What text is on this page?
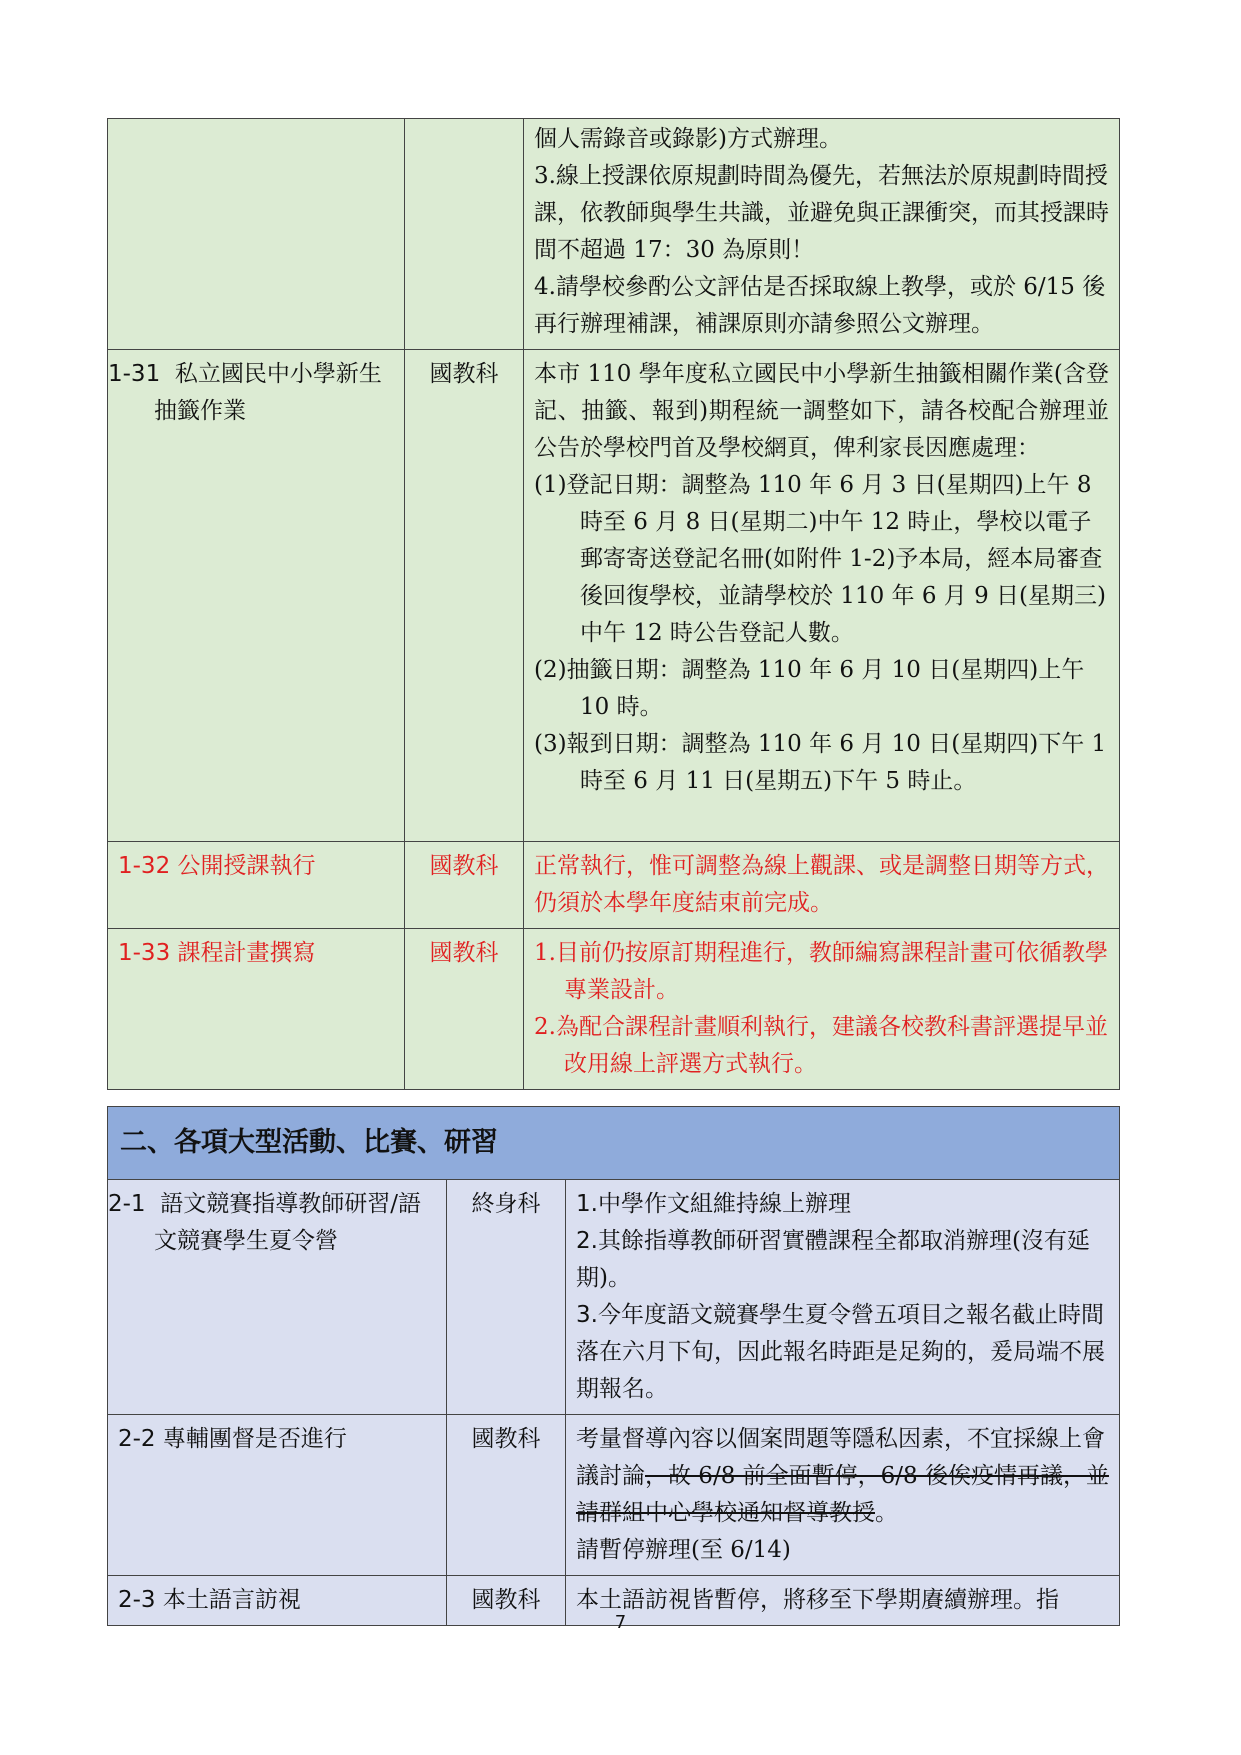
		個人需錄音或錄影)方式辦理。

3.線上授課依原規劃時間為優先，若無法於原規劃時間授課，依教師與學生共識，並避免與正課衝突，而其授課時間不超過 17：30 為原則！

4.請學校參酌公文評估是否採取線上教學，或於 6/15 後再行辦理補課，補課原則亦請參照公文辦理。

1-31 私立國民中小學新生抽籤作業	國教科	本市 110 學年度私立國民中小學新生抽籤相關作業(含登記、抽籤、報到)期程統一調整如下，請各校配合辦理並公告於學校門首及學校網頁，俾利家長因應處理：

(1)登記日期：調整為 110 年 6 月 3 日(星期四)上午 8 時至 6 月 8 日(星期二)中午 12 時止，學校以電子郵寄寄送登記名冊(如附件 1-2)予本局，經本局審查後回復學校，並請學校於 110 年 6 月 9 日(星期三)中午 12 時公告登記人數。

(2)抽籤日期：調整為 110 年 6 月 10 日(星期四)上午 10 時。

(3)報到日期：調整為 110 年 6 月 10 日(星期四)下午 1 時至 6 月 11 日(星期五)下午 5 時止。

1-32 公開授課執行	國教科	正常執行，惟可調整為線上觀課、或是調整日期等方式，仍須於本學年度結束前完成。

1-33 課程計畫撰寫	國教科	1.目前仍按原訂期程進行，教師編寫課程計畫可依循教學專業設計。

2.為配合課程計畫順利執行，建議各校教科書評選提早並改用線上評選方式執行。

二、各項大型活動、比賽、研習		
2-1 語文競賽指導教師研習/語文競賽學生夏令營	終身科	1.中學作文組維持線上辦理

2.其餘指導教師研習實體課程全都取消辦理(沒有延期)。

3.今年度語文競賽學生夏令營五項目之報名截止時間落在六月下旬，因此報名時距是足夠的，爰局端不展期報名。

2-2 專輔團督是否進行	國教科	考量督導內容以個案問題等隱私因素，不宜採線上會議討論，故 6/8 前全面暫停，6/8 後俟疫情再議，並請群組中心學校通知督導教授。

請暫停辦理(至 6/14)

2-3 本土語言訪視	國教科	本土語訪視皆暫停，將移至下學期賡續辦理。指

7
